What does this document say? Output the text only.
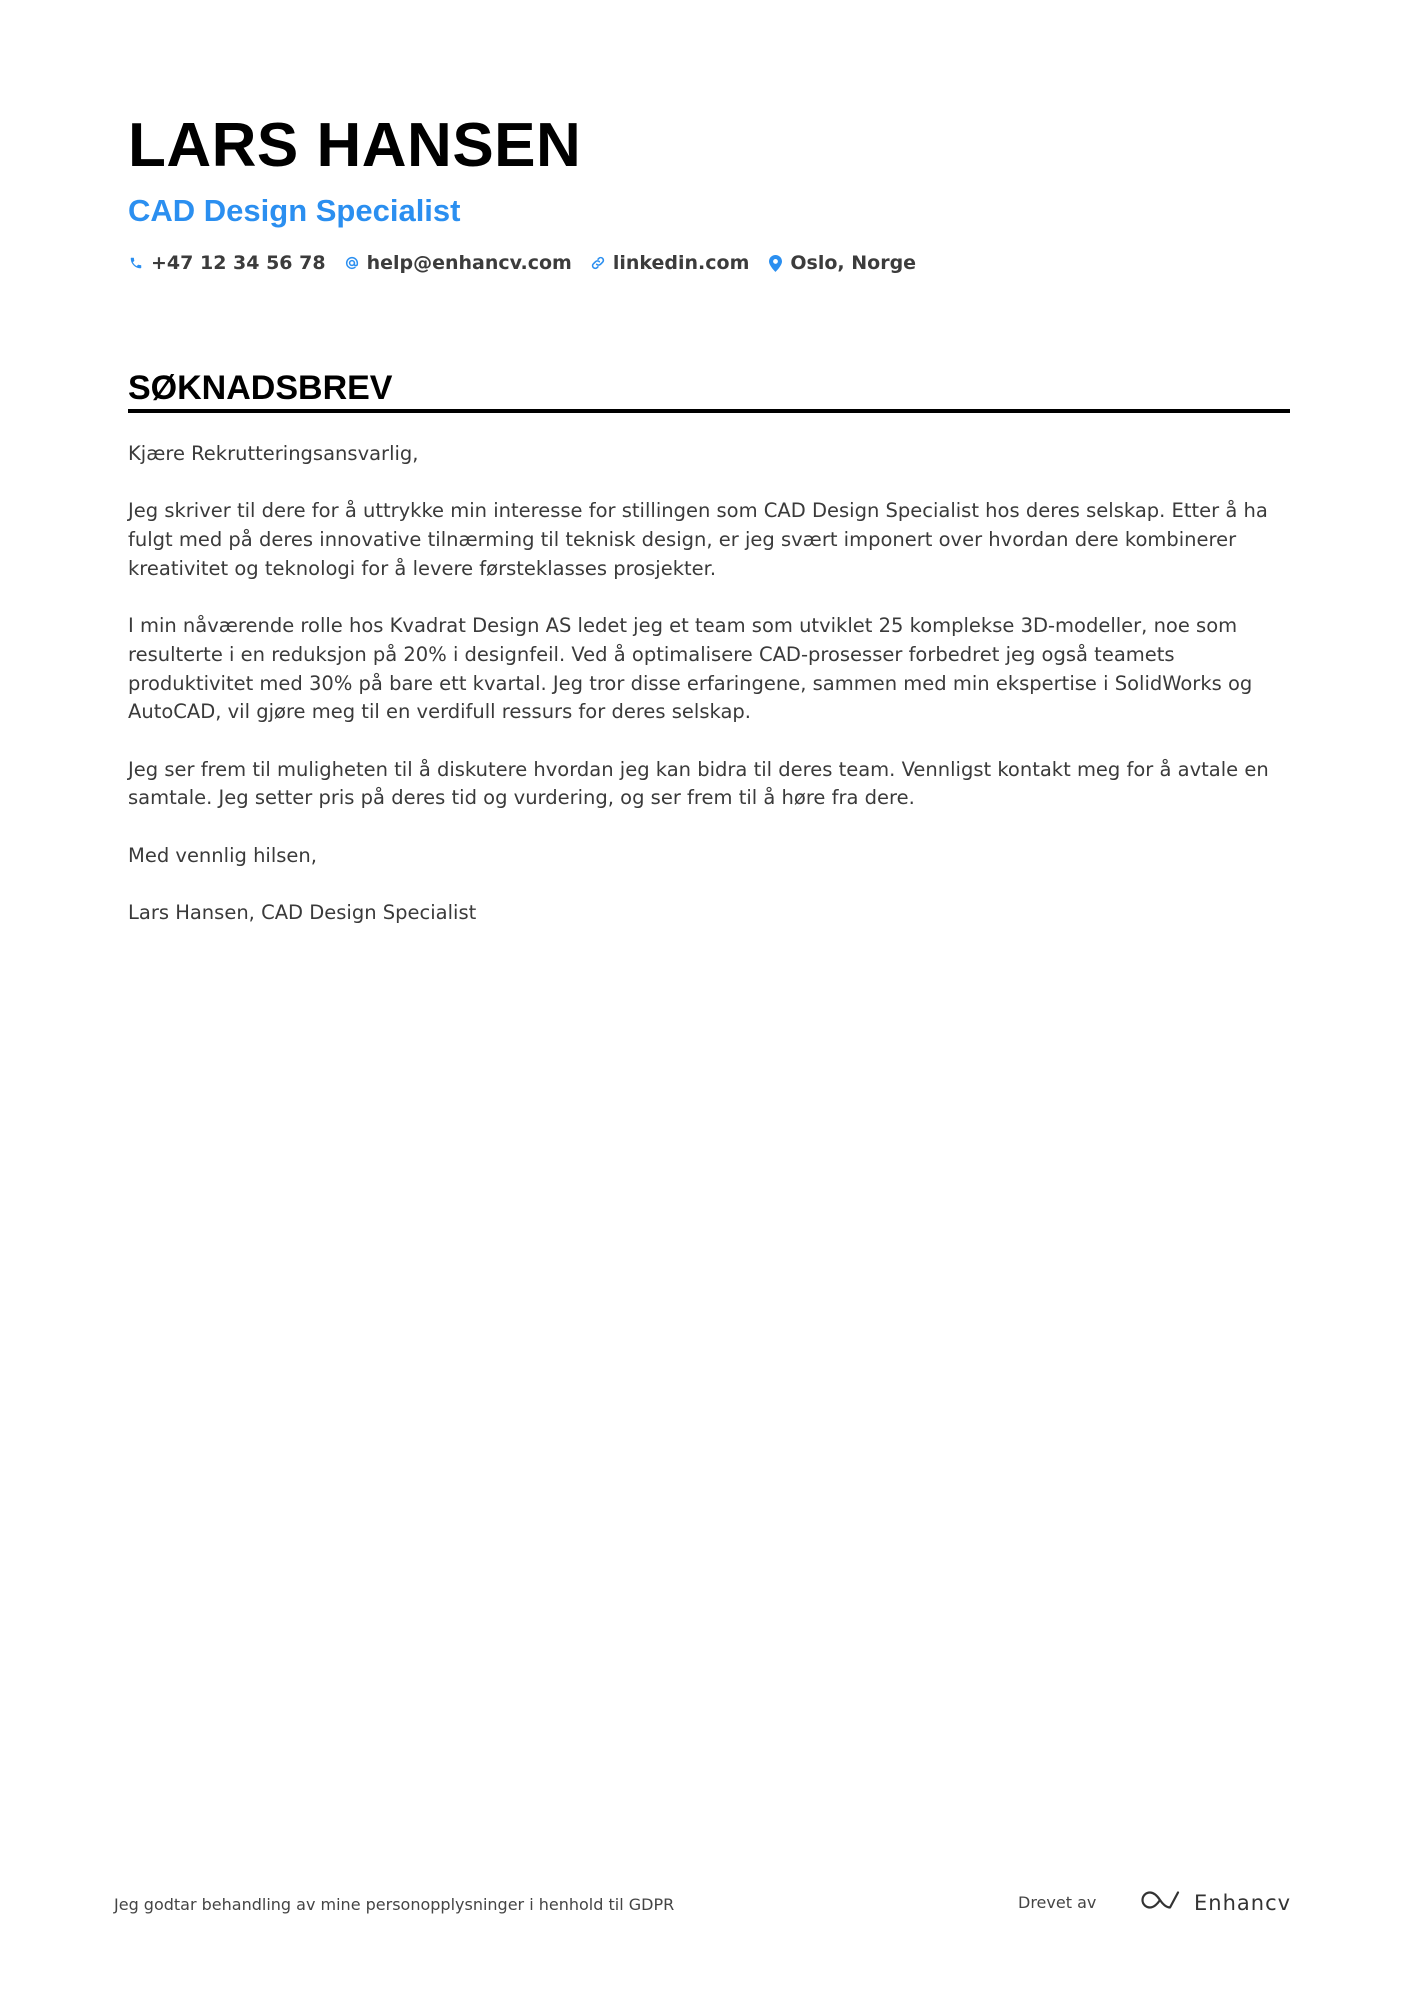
LARS HANSEN
CAD Design Specialist
+47 12 34 56 78 help@enhancv.com linkedin.com Oslo, Norge
SØKNADSBREV

Kjære Rekrutteringsansvarlig,

Jeg skriver til dere for å uttrykke min interesse for stillingen som CAD Design Specialist hos deres selskap. Etter å ha fulgt med på deres innovative tilnærming til teknisk design, er jeg svært imponert over hvordan dere kombinerer kreativitet og teknologi for å levere førsteklasses prosjekter.

I min nåværende rolle hos Kvadrat Design AS ledet jeg et team som utviklet 25 komplekse 3D-modeller, noe som resulterte i en reduksjon på 20% i designfeil. Ved å optimalisere CAD-prosesser forbedret jeg også teamets produktivitet med 30% på bare ett kvartal. Jeg tror disse erfaringene, sammen med min ekspertise i SolidWorks og AutoCAD, vil gjøre meg til en verdifull ressurs for deres selskap.

Jeg ser frem til muligheten til å diskutere hvordan jeg kan bidra til deres team. Vennligst kontakt meg for å avtale en samtale. Jeg setter pris på deres tid og vurdering, og ser frem til å høre fra dere.

Med vennlig hilsen,

Lars Hansen, CAD Design Specialist

Jeg godtar behandling av mine personopplysninger i henhold til GDPR	Drevet av	Enhancv
